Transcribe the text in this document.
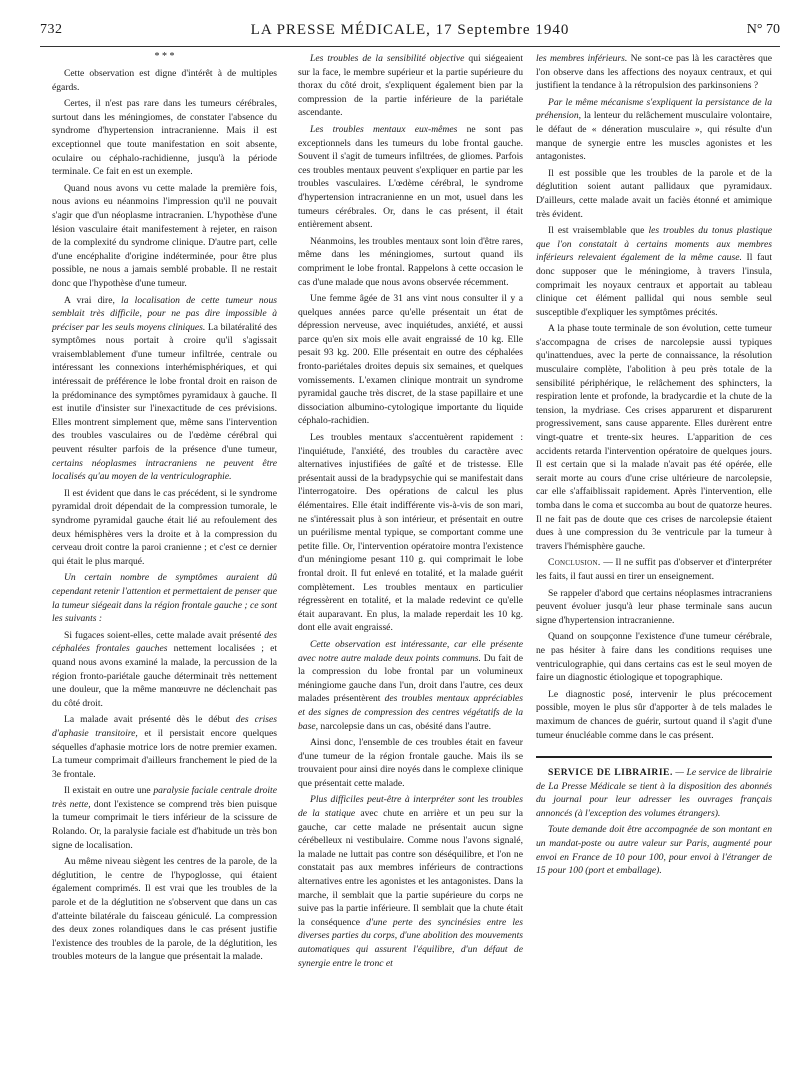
732	LA PRESSE MÉDICALE, 17 Septembre 1940	N° 70

* * *

Cette observation est digne d'intérêt à de multiples égards.

Certes, il n'est pas rare dans les tumeurs cérébrales, surtout dans les méningiomes, de constater l'absence du syndrome d'hypertension intracranienne. Mais il est exceptionnel que toute manifestation en soit absente, oculaire ou céphalo-rachidienne, jusqu'à la période terminale. Ce fait en est un exemple.

Quand nous avons vu cette malade la première fois, nous avions eu néanmoins l'impression qu'il ne pouvait s'agir que d'un néoplasme intracranien. L'hypothèse d'une lésion vasculaire était manifestement à rejeter, en raison de la complexité du syndrome clinique. D'autre part, celle d'une encéphalite d'origine indéterminée, pour être plus possible, ne nous a jamais semblé probable. Il ne restait donc que l'hypothèse d'une tumeur.

A vrai dire, la localisation de cette tumeur nous semblait très difficile, pour ne pas dire impossible à préciser par les seuls moyens cliniques. La bilatéralité des symptômes nous portait à croire qu'il s'agissait vraisemblablement d'une tumeur infiltrée, centrale ou intéressant les connexions interhémisphériques, et qui intéressait de préférence le lobe frontal droit en raison de la prédominance des symptômes pyramidaux à gauche. Il est inutile d'insister sur l'inexactitude de ces prévisions. Elles montrent simplement que, même sans l'intervention des troubles vasculaires ou de l'œdème cérébral qui peuvent résulter parfois de la présence d'une tumeur, certains néoplasmes intracraniens ne peuvent être localisés qu'au moyen de la ventriculographie.

Il est évident que dans le cas précédent, si le syndrome pyramidal droit dépendait de la compression tumorale, le syndrome pyramidal gauche était lié au refoulement des deux hémisphères vers la droite et à la compression du cerveau droit contre la paroi cranienne ; et c'est ce dernier qui était le plus marqué.

Un certain nombre de symptômes auraient dû cependant retenir l'attention et permettaient de penser que la tumeur siégeait dans la région frontale gauche ; ce sont les suivants :

Si fugaces soient-elles, cette malade avait présenté des céphalées frontales gauches nettement localisées ; et quand nous avons examiné la malade, la percussion de la région fronto-pariétale gauche déterminait très nettement une douleur, que la même manœuvre ne déclenchait pas du côté droit.

La malade avait présenté dès le début des crises d'aphasie transitoire, et il persistait encore quelques séquelles d'aphasie motrice lors de notre premier examen. La tumeur comprimait d'ailleurs franchement le pied de la 3e frontale.

Il existait en outre une paralysie faciale centrale droite très nette, dont l'existence se comprend très bien puisque la tumeur comprimait le tiers inférieur de la scissure de Rolando. Or, la paralysie faciale est d'habitude un très bon signe de localisation.

Au même niveau siègent les centres de la parole, de la déglutition, le centre de l'hypoglosse, qui étaient également comprimés. Il est vrai que les troubles de la parole et de la déglutition ne s'observent que dans un cas d'atteinte bilatérale du faisceau géniculé. La compression des deux zones rolandiques dans le cas présent justifie l'existence des troubles de la parole, de la déglutition, les troubles moteurs de la langue que présentait la malade.

Les troubles de la sensibilité objective qui siégeaient sur la face, le membre supérieur et la partie supérieure du thorax du côté droit, s'expliquent également bien par la compression de la partie inférieure de la pariétale ascendante.

Les troubles mentaux eux-mêmes ne sont pas exceptionnels dans les tumeurs du lobe frontal gauche. Souvent il s'agit de tumeurs infiltrées, de gliomes. Parfois ces troubles mentaux peuvent s'expliquer en partie par les troubles vasculaires. L'œdème cérébral, le syndrome d'hypertension intracranienne en un mot, usuel dans les tumeurs cérébrales. Or, dans le cas présent, il était entièrement absent.

Néanmoins, les troubles mentaux sont loin d'être rares, même dans les méningiomes, surtout quand ils compriment le lobe frontal. Rappelons à cette occasion le cas d'une malade que nous avons observée récemment.

Une femme âgée de 31 ans vint nous consulter il y a quelques années parce qu'elle présentait un état de dépression nerveuse, avec inquiétudes, anxiété, et aussi parce qu'en six mois elle avait engraissé de 10 kg. Elle pesait 93 kg. 200. Elle présentait en outre des céphalées fronto-pariétales droites depuis six semaines, et quelques vomissements. L'examen clinique montrait un syndrome pyramidal gauche très discret, de la stase papillaire et une dissociation albumino-cytologique importante du liquide céphalo-rachidien.

Les troubles mentaux s'accentuèrent rapidement : l'inquiétude, l'anxiété, des troubles du caractère avec alternatives injustifiées de gaîté et de tristesse. Elle présentait aussi de la bradypsychie qui se manifestait dans l'interrogatoire. Des opérations de calcul les plus élémentaires. Elle était indifférente vis-à-vis de son mari, ne s'intéressait plus à son intérieur, et présentait en outre un puérilisme mental typique, se comportant comme une petite fille. Or, l'intervention opératoire montra l'existence d'un méningiome pesant 110 g. qui comprimait le lobe frontal droit. Il fut enlevé en totalité, et la malade guérit complètement. Les troubles mentaux en particulier régressèrent en totalité, et la malade redevint ce qu'elle était auparavant. En plus, la malade reperdait les 10 kg. dont elle avait engraissé.

Cette observation est intéressante, car elle présente avec notre autre malade deux points communs. Du fait de la compression du lobe frontal par un volumineux méningiome gauche dans l'un, droit dans l'autre, ces deux malades présentèrent des troubles mentaux appréciables et des signes de compression des centres végétatifs de la base, narcolepsie dans un cas, obésité dans l'autre.

Ainsi donc, l'ensemble de ces troubles était en faveur d'une tumeur de la région frontale gauche. Mais ils se trouvaient pour ainsi dire noyés dans le complexe clinique que présentait cette malade.

Plus difficiles peut-être à interpréter sont les troubles de la statique avec chute en arrière et un peu sur la gauche, car cette malade ne présentait aucun signe cérébelleux ni vestibulaire. Comme nous l'avons signalé, la malade ne luttait pas contre son déséquilibre, et l'on ne constatait pas aux membres inférieurs de contractions alternatives entre les agonistes et les antagonistes. Dans la marche, il semblait que la partie supérieure du corps ne suive pas la partie inférieure. Il semblait que la chute était la conséquence d'une perte des syncinésies entre les diverses parties du corps, d'une abolition des mouvements automatiques qui assurent l'équilibre, d'un défaut de synergie entre le tronc et

les membres inférieurs. Ne sont-ce pas là les caractères que l'on observe dans les affections des noyaux centraux, et qui justifient la tendance à la rétropulsion des parkinsoniens ?

Par le même mécanisme s'expliquent la persistance de la préhension, la lenteur du relâchement musculaire volontaire, le défaut de « déneration musculaire », qui résulte d'un manque de synergie entre les muscles agonistes et les antagonistes.

Il est possible que les troubles de la parole et de la déglutition soient autant pallidaux que pyramidaux. D'ailleurs, cette malade avait un faciès étonné et amimique très évident.

Il est vraisemblable que les troubles du tonus plastique que l'on constatait à certains moments aux membres inférieurs relevaient également de la même cause. Il faut donc supposer que le méningiome, à travers l'insula, comprimait les noyaux centraux et apportait au tableau clinique cet élément pallidal qui nous semble seul susceptible d'expliquer les symptômes précités.

A la phase toute terminale de son évolution, cette tumeur s'accompagna de crises de narcolepsie aussi typiques qu'inattendues, avec la perte de connaissance, la résolution musculaire complète, l'abolition à peu près totale de la sensibilité périphérique, le relâchement des sphincters, la respiration lente et profonde, la bradycardie et la chute de la tension, la mydriase. Ces crises apparurent et disparurent progressivement, sans cause apparente. Elles durèrent entre vingt-quatre et trente-six heures. L'apparition de ces accidents retarda l'intervention opératoire de quelques jours. Il est certain que si la malade n'avait pas été opérée, elle serait morte au cours d'une crise ultérieure de narcolepsie, car elle s'affaiblissait rapidement. Après l'intervention, elle tomba dans le coma et succomba au bout de quatorze heures. Il ne fait pas de doute que ces crises de narcolepsie étaient dues à une compression du 3e ventricule par la tumeur à travers l'hémisphère gauche.

Conclusion. — Il ne suffit pas d'observer et d'interpréter les faits, il faut aussi en tirer un enseignement.

Se rappeler d'abord que certains néoplasmes intracraniens peuvent évoluer jusqu'à leur phase terminale sans aucun signe d'hypertension intracranienne.

Quand on soupçonne l'existence d'une tumeur cérébrale, ne pas hésiter à faire dans les conditions requises une ventriculographie, qui dans certains cas est le seul moyen de faire un diagnostic étiologique et topographique.

Le diagnostic posé, intervenir le plus précocement possible, moyen le plus sûr d'apporter à de tels malades le maximum de chances de guérir, surtout quand il s'agit d'une tumeur énucléable comme dans le cas présent.

SERVICE DE LIBRAIRIE. — Le service de librairie de La Presse Médicale se tient à la disposition des abonnés du journal pour leur adresser les ouvrages français annoncés (à l'exception des volumes étrangers).

Toute demande doit être accompagnée de son montant en un mandat-poste ou autre valeur sur Paris, augmenté pour envoi en France de 10 pour 100, pour envoi à l'étranger de 15 pour 100 (port et emballage).
